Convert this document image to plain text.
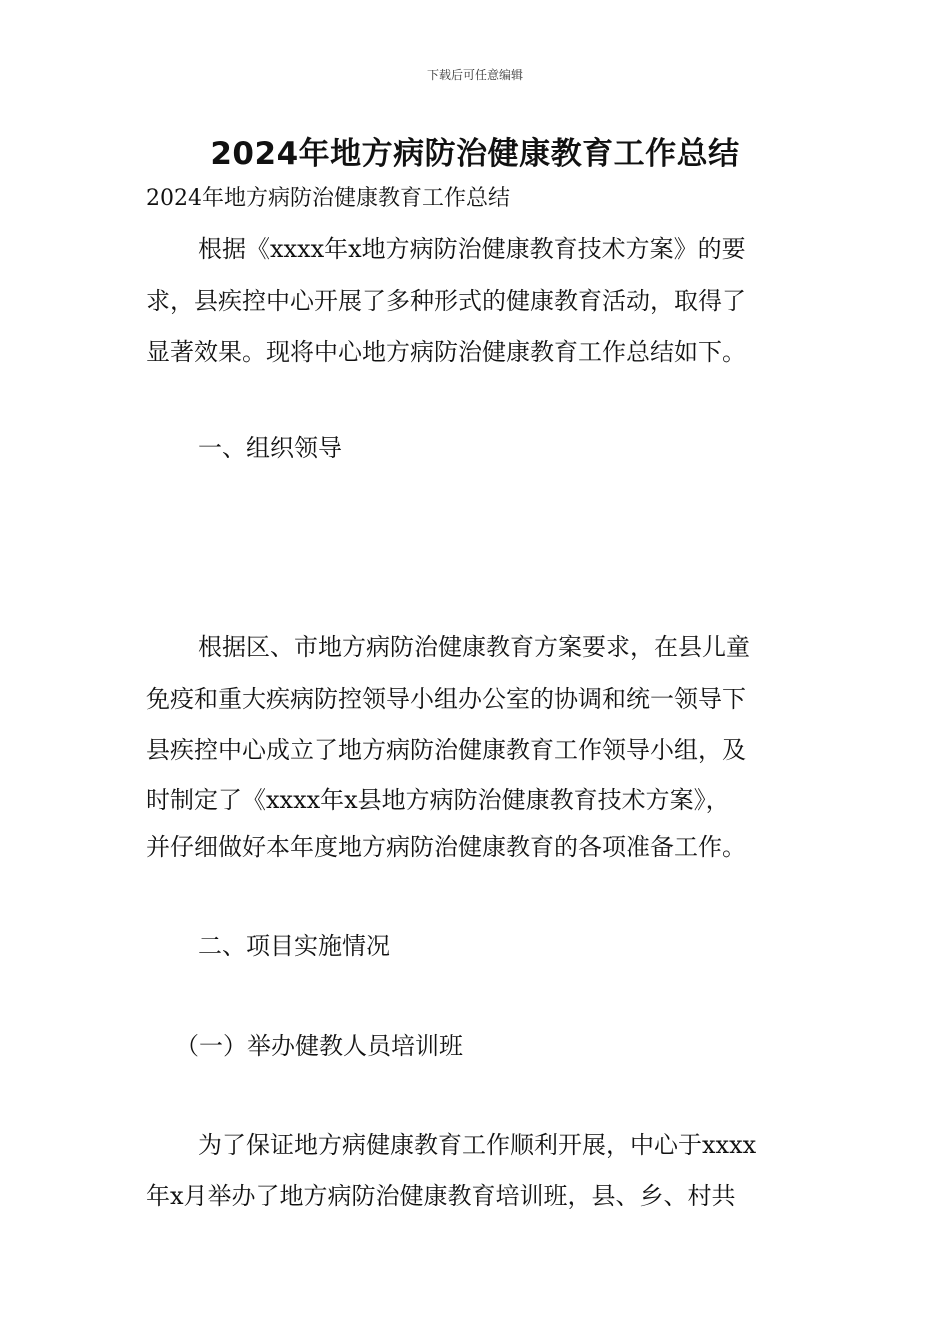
下载后可任意编辑
2024年地方病防治健康教育工作总结
2024年地方病防治健康教育工作总结
根据《xxxx年x地方病防治健康教育技术方案》的要
求，县疾控中心开展了多种形式的健康教育活动，取得了
显著效果。现将中心地方病防治健康教育工作总结如下。
一、组织领导
根据区、市地方病防治健康教育方案要求，在县儿童
免疫和重大疾病防控领导小组办公室的协调和统一领导下
县疾控中心成立了地方病防治健康教育工作领导小组，及
时制定了《xxxx年x县地方病防治健康教育技术方案》，
并仔细做好本年度地方病防治健康教育的各项准备工作。
二、项目实施情况
（一）举办健教人员培训班
为了保证地方病健康教育工作顺利开展，中心于xxxx
年x月举办了地方病防治健康教育培训班，县、乡、村共
